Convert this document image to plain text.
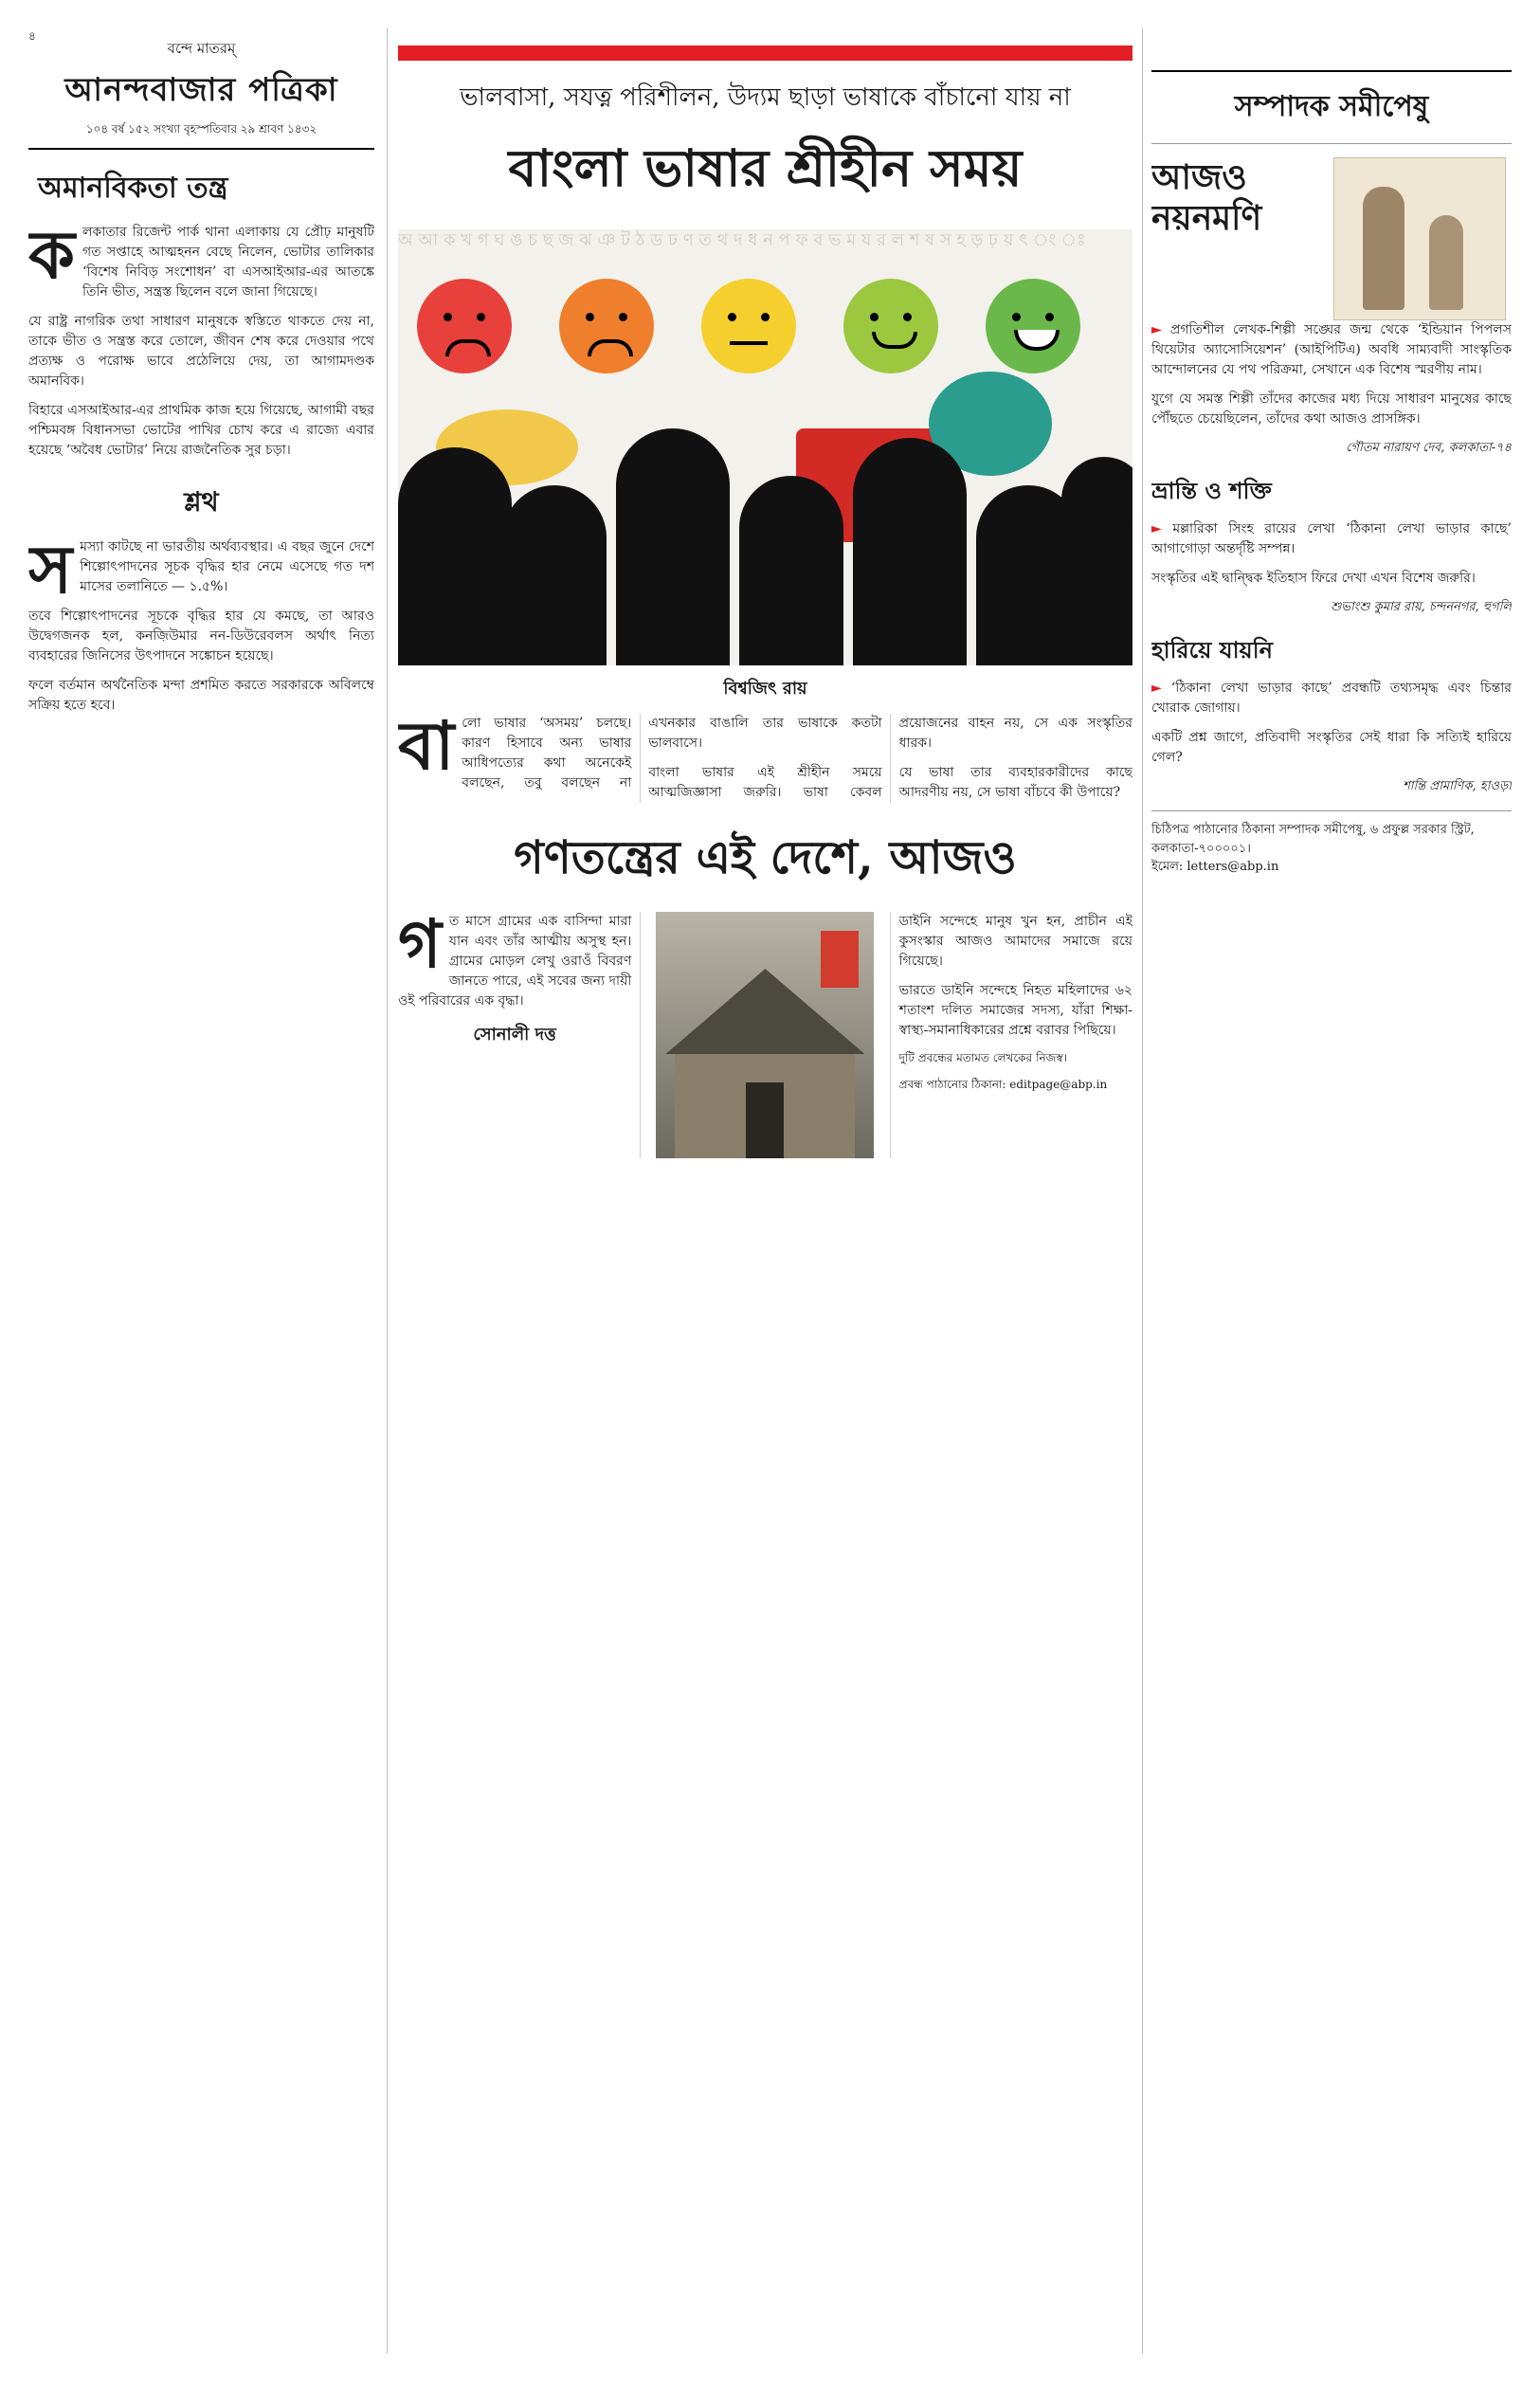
৪
বন্দে মাতরম্
আনন্দবাজার পত্রিকা
১০৪ বর্ষ ১৫২ সংখ্যা বৃহস্পতিবার ২৯ শ্রাবণ ১৪৩২
অমানবিকতা তন্ত্র
ক লকাতার রিজেন্ট পার্ক থানা এলাকায় যে প্রৌঢ় মানুষটি গত সপ্তাহে আত্মহনন বেছে নিলেন, ভোটার তালিকার ‘বিশেষ নিবিড় সংশোধন’ বা এসআইআর-এর আতঙ্কে তিনি ভীত, সন্ত্রস্ত ছিলেন বলে জানা গিয়েছে।

যে রাষ্ট্র নাগরিক তথা সাধারণ মানুষকে স্বস্তিতে থাকতে দেয় না, তাকে ভীত ও সন্ত্রস্ত করে তোলে, জীবন শেষ করে দেওয়ার পথে প্রত্যক্ষ ও পরোক্ষ ভাবে প্রঠেলিয়ে দেয়, তা আগামদণ্ডক অমানবিক।

বিহারে এসআইআর-এর প্রাথমিক কাজ হয়ে গিয়েছে, আগামী বছর পশ্চিমবঙ্গ বিধানসভা ভোটের পাখির চোখ করে এ রাজ্যে এবার হয়েছে ‘অবৈধ ভোটার’ নিয়ে রাজনৈতিক সুর চড়া।

শ্লথ
স মস্যা কাটছে না ভারতীয় অর্থব্যবস্থার। এ বছর জুনে দেশে শিল্পোৎপাদনের সূচক বৃদ্ধির হার নেমে এসেছে গত দশ মাসের তলানিতে — ১.৫%।

তবে শিল্পোৎপাদনের সূচকে বৃদ্ধির হার যে কমছে, তা আরও উদ্বেগজনক হল, কনজ়িউমার নন-ডিউরেবলস অর্থাৎ নিত্য ব্যবহারের জিনিসের উৎপাদনে সঙ্কোচন হয়েছে।

ফলে বর্তমান অর্থনৈতিক মন্দা প্রশমিত করতে সরকারকে অবিলম্বে সক্রিয় হতে হবে।

ভালবাসা, সযত্ন পরিশীলন, উদ্যম ছাড়া ভাষাকে বাঁচানো যায় না
বাংলা ভাষার শ্রীহীন সময়
অ আ ক খ গ ঘ ঙ চ ছ জ ঝ ঞ ট ঠ ড ঢ ণ ত থ দ ধ ন প ফ ব ভ ম য র ল শ ষ স হ ড় ঢ় য় ৎ ং ঃ
বিশ্বজিৎ রায়
বা লো ভাষার ‘অসময়’ চলছে। কারণ হিসাবে অন্য ভাষার আধিপত্যের কথা অনেকেই বলছেন, তবু বলছেন না এখনকার বাঙালি তার ভাষাকে কতটা ভালবাসে।

বাংলা ভাষার এই শ্রীহীন সময়ে আত্মজিজ্ঞাসা জরুরি। ভাষা কেবল প্রয়োজনের বাহন নয়, সে এক সংস্কৃতির ধারক।

যে ভাষা তার ব্যবহারকারীদের কাছে আদরণীয় নয়, সে ভাষা বাঁচবে কী উপায়ে?

গণতন্ত্রের এই দেশে, আজও
গ ত মাসে গ্রামের এক বাসিন্দা মারা যান এবং তাঁর আত্মীয় অসুস্থ হন। গ্রামের মোড়ল লেখু ওরাওঁ বিবরণ জানতে পারে, এই সবের জন্য দায়ী ওই পরিবারের এক বৃদ্ধা।

সোনালী দত্ত

ডাইনি সন্দেহে মানুষ খুন হন, প্রাচীন এই কুসংস্কার আজও আমাদের সমাজে রয়ে গিয়েছে।

ভারতে ডাইনি সন্দেহে নিহত মহিলাদের ৬২ শতাংশ দলিত সমাজের সদস্য, যাঁরা শিক্ষা-স্বাস্থ্য-সমানাধিকারের প্রশ্নে বরাবর পিছিয়ে।

দুটি প্রবন্ধের মতামত লেখকের নিজস্ব।
প্রবন্ধ পাঠানোর ঠিকানা: editpage@abp.in
সম্পাদক সমীপেষু
আজও নয়নমণি

► প্রগতিশীল লেখক-শিল্পী সঙ্ঘের জন্ম থেকে ‘ইন্ডিয়ান পিপলস থিয়েটার অ্যাসোসিয়েশন’ (আইপিটিএ) অবধি সাম্যবাদী সাংস্কৃতিক আন্দোলনের যে পথ পরিক্রমা, সেখানে এক বিশেষ স্মরণীয় নাম।

যুগে যে সমস্ত শিল্পী তাঁদের কাজের মধ্য দিয়ে সাধারণ মানুষের কাছে পৌঁছতে চেয়েছিলেন, তাঁদের কথা আজও প্রাসঙ্গিক।

গৌতম নারায়ণ দেব, কলকাতা-৭৪
ভ্রান্তি ও শক্তি

► মল্লারিকা সিংহ রায়ের লেখা ‘ঠিকানা লেখা ভাড়ার কাছে’ আগাগোড়া অন্তর্দৃষ্টি সম্পন্ন।

সংস্কৃতির এই দ্বান্দ্বিক ইতিহাস ফিরে দেখা এখন বিশেষ জরুরি।

শুভাংশু কুমার রায়, চন্দননগর, হুগলি
হারিয়ে যায়নি

► ‘ঠিকানা লেখা ভাড়ার কাছে’ প্রবন্ধটি তথ্যসমৃদ্ধ এবং চিন্তার খোরাক জোগায়।

একটি প্রশ্ন জাগে, প্রতিবাদী সংস্কৃতির সেই ধারা কি সত্যিই হারিয়ে গেল?

শান্তি প্রামাণিক, হাওড়া
চিঠিপত্র পাঠানোর ঠিকানা সম্পাদক সমীপেষু, ৬ প্রফুল্ল সরকার স্ট্রিট, কলকাতা-৭০০০০১।
ইমেল: letters@abp.in
